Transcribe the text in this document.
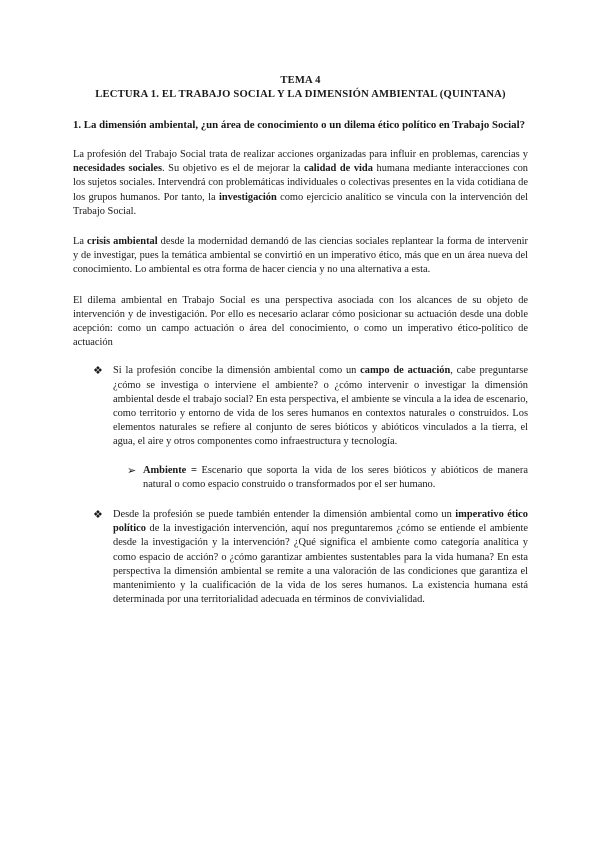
TEMA 4
LECTURA 1. EL TRABAJO SOCIAL Y LA DIMENSIÓN AMBIENTAL (QUINTANA)
1. La dimensión ambiental, ¿un área de conocimiento o un dilema ético político en Trabajo Social?

La profesión del Trabajo Social trata de realizar acciones organizadas para influir en problemas, carencias y necesidades sociales. Su objetivo es el de mejorar la calidad de vida humana mediante interacciones con los sujetos sociales. Intervendrá con problemáticas individuales o colectivas presentes en la vida cotidiana de los grupos humanos. Por tanto, la investigación como ejercicio analítico se vincula con la intervención del Trabajo Social.

La crisis ambiental desde la modernidad demandó de las ciencias sociales replantear la forma de intervenir y de investigar, pues la temática ambiental se convirtió en un imperativo ético, más que en un área nueva del conocimiento. Lo ambiental es otra forma de hacer ciencia y no una alternativa a esta.

El dilema ambiental en Trabajo Social es una perspectiva asociada con los alcances de su objeto de intervención y de investigación. Por ello es necesario aclarar cómo posicionar su actuación desde una doble acepción: como un campo actuación o área del conocimiento, o como un imperativo ético-político de actuación

❖ Si la profesión concibe la dimensión ambiental como un campo de actuación, cabe preguntarse ¿cómo se investiga o interviene el ambiente? o ¿cómo intervenir o investigar la dimensión ambiental desde el trabajo social? En esta perspectiva, el ambiente se vincula a la idea de escenario, como territorio y entorno de vida de los seres humanos en contextos naturales o construidos. Los elementos naturales se refiere al conjunto de seres bióticos y abióticos vinculados a la tierra, el agua, el aire y otros componentes como infraestructura y tecnología.
➢ Ambiente = Escenario que soporta la vida de los seres bióticos y abióticos de manera natural o como espacio construido o transformados por el ser humano.
❖ Desde la profesión se puede también entender la dimensión ambiental como un imperativo ético político de la investigación intervención, aquí nos preguntaremos ¿cómo se entiende el ambiente desde la investigación y la intervención? ¿Qué significa el ambiente como categoría analítica y como espacio de acción? o ¿cómo garantizar ambientes sustentables para la vida humana? En esta perspectiva la dimensión ambiental se remite a una valoración de las condiciones que garantiza el mantenimiento y la cualificación de la vida de los seres humanos. La existencia humana está determinada por una territorialidad adecuada en términos de convivialidad.
